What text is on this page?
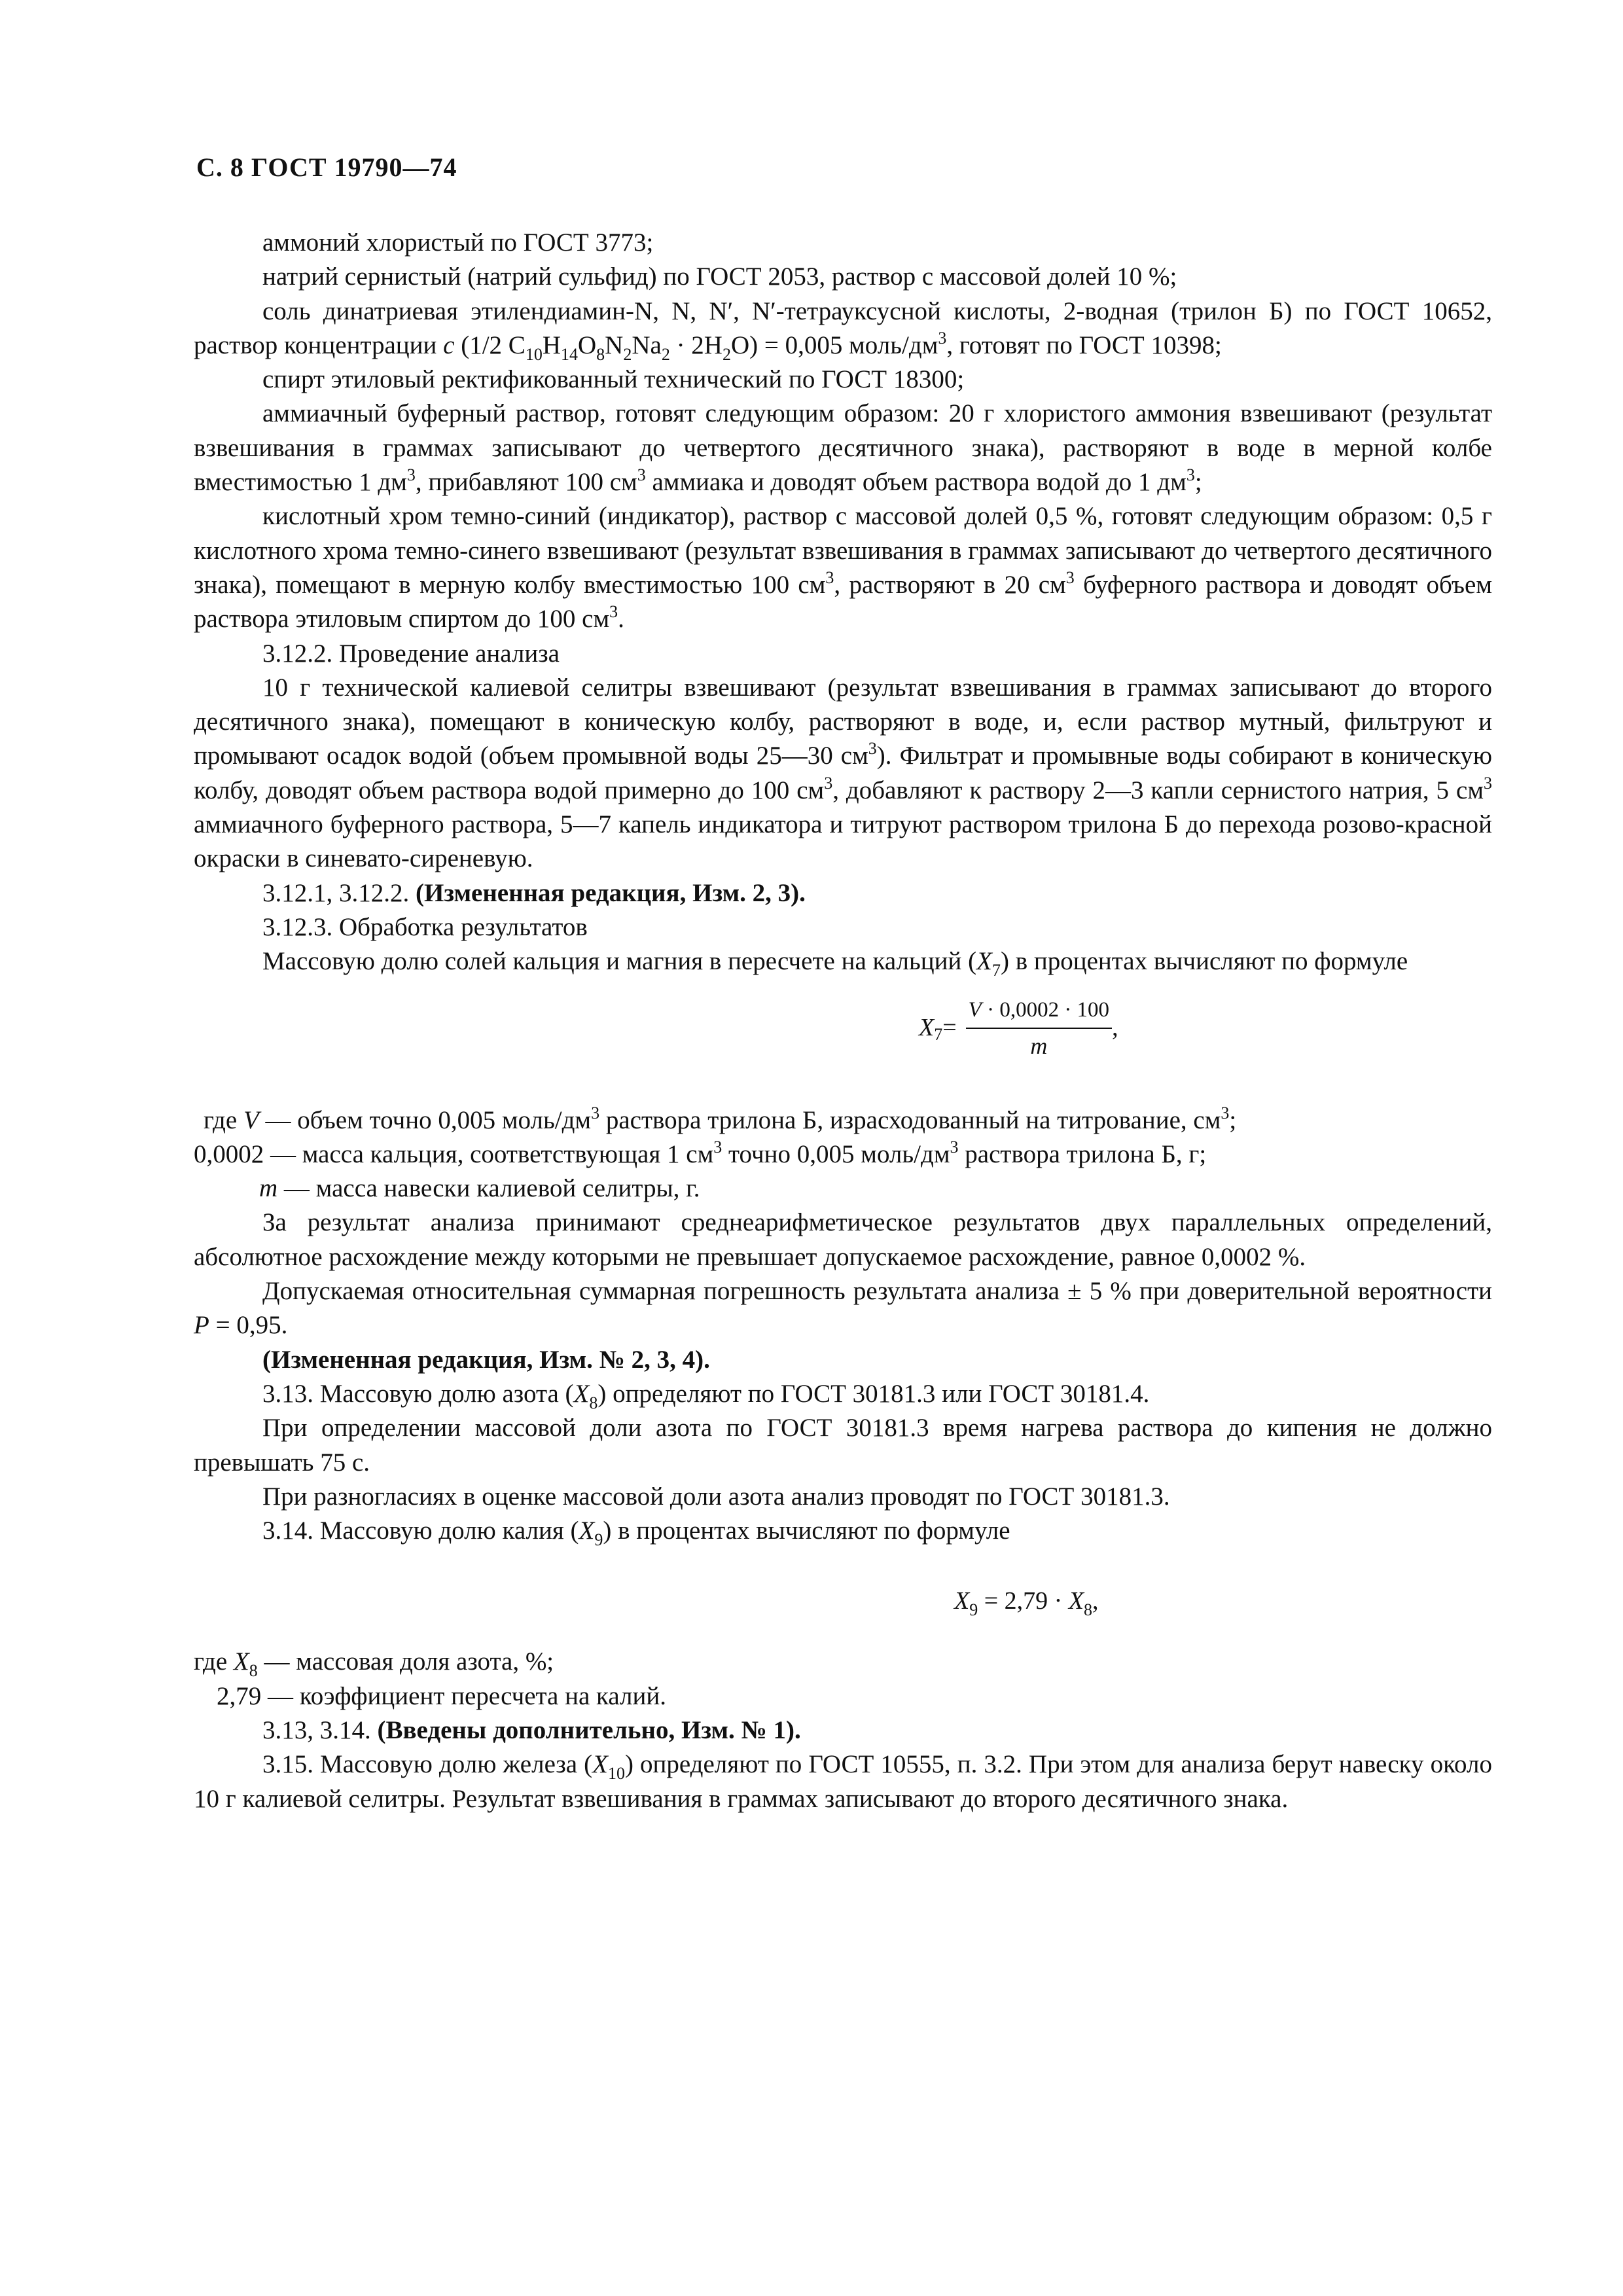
С. 8 ГОСТ 19790—74

аммоний хлористый по ГОСТ 3773;

натрий сернистый (натрий сульфид) по ГОСТ 2053, раствор с массовой долей 10 %;

соль динатриевая этилендиамин-N, N, N′, N′-тетрауксусной кислоты, 2-водная (трилон Б) по ГОСТ 10652, раствор концентрации c (1/2 $C_{10}H_{14}O_8N_2Na_2 \cdot 2H_2O) = 0,005$ моль/$дм^3$, готовят по ГОСТ 10398;

спирт этиловый ректификованный технический по ГОСТ 18300;

аммиачный буферный раствор, готовят следующим образом: 20 г хлористого аммония взвешивают (результат взвешивания в граммах записывают до четвертого десятичного знака), растворяют в воде в мерной колбе вместимостью 1 $дм^3$, прибавляют 100 $см^3$ аммиака и доводят объем раствора водой до 1 $дм^3$;

кислотный хром темно-синий (индикатор), раствор с массовой долей 0,5 %, готовят следующим образом: 0,5 г кислотного хрома темно-синего взвешивают (результат взвешивания в граммах записывают до четвертого десятичного знака), помещают в мерную колбу вместимостью 100 $см^3$, растворяют в 20 $см^3$ буферного раствора и доводят объем раствора этиловым спиртом до 100 $см^3$.

3.12.2. Проведение анализа

10 г технической калиевой селитры взвешивают (результат взвешивания в граммах записывают до второго десятичного знака), помещают в коническую колбу, растворяют в воде, и, если раствор мутный, фильтруют и промывают осадок водой (объем промывной воды 25—30 $см^3$). Фильтрат и промывные воды собирают в коническую колбу, доводят объем раствора водой примерно до 100 $см^3$, добавляют к раствору 2—3 капли сернистого натрия, 5 $см^3$ аммиачного буферного раствора, 5—7 капель индикатора и титруют раствором трилона Б до перехода розово-красной окраски в синевато-сиреневую.

3.12.1, 3.12.2. (Измененная редакция, Изм. 2, 3).

3.12.3. Обработка результатов

Массовую долю солей кальция и магния в пересчете на кальций $(X_7)$ в процентах вычисляют по формуле

$X_7 = \frac{V \cdot 0,0002 \cdot 100}{m}$ ,

где V — объем точно 0,005 моль/$дм^3$ раствора трилона Б, израсходованный на титрование, $см^3$;

0,0002 — масса кальция, соответствующая 1 $см^3$ точно 0,005 моль/$дм^3$ раствора трилона Б, г;

m — масса навески калиевой селитры, г.

За результат анализа принимают среднеарифметическое результатов двух параллельных определений, абсолютное расхождение между которыми не превышает допускаемое расхождение, равное 0,0002 %.

Допускаемая относительная суммарная погрешность результата анализа ± 5 % при доверительной вероятности P = 0,95.

(Измененная редакция, Изм. № 2, 3, 4).

3.13. Массовую долю азота $(X_8)$ определяют по ГОСТ 30181.3 или ГОСТ 30181.4.

При определении массовой доли азота по ГОСТ 30181.3 время нагрева раствора до кипения не должно превышать 75 с.

При разногласиях в оценке массовой доли азота анализ проводят по ГОСТ 30181.3.

3.14. Массовую долю калия $(X_9)$ в процентах вычисляют по формуле

$X_9 = 2,79 \cdot X_8$,

где $X_8$ — массовая доля азота, %;

2,79 — коэффициент пересчета на калий.

3.13, 3.14. (Введены дополнительно, Изм. № 1).

3.15. Массовую долю железа $(X_{10})$ определяют по ГОСТ 10555, п. 3.2. При этом для анализа берут навеску около 10 г калиевой селитры. Результат взвешивания в граммах записывают до второго десятичного знака.
